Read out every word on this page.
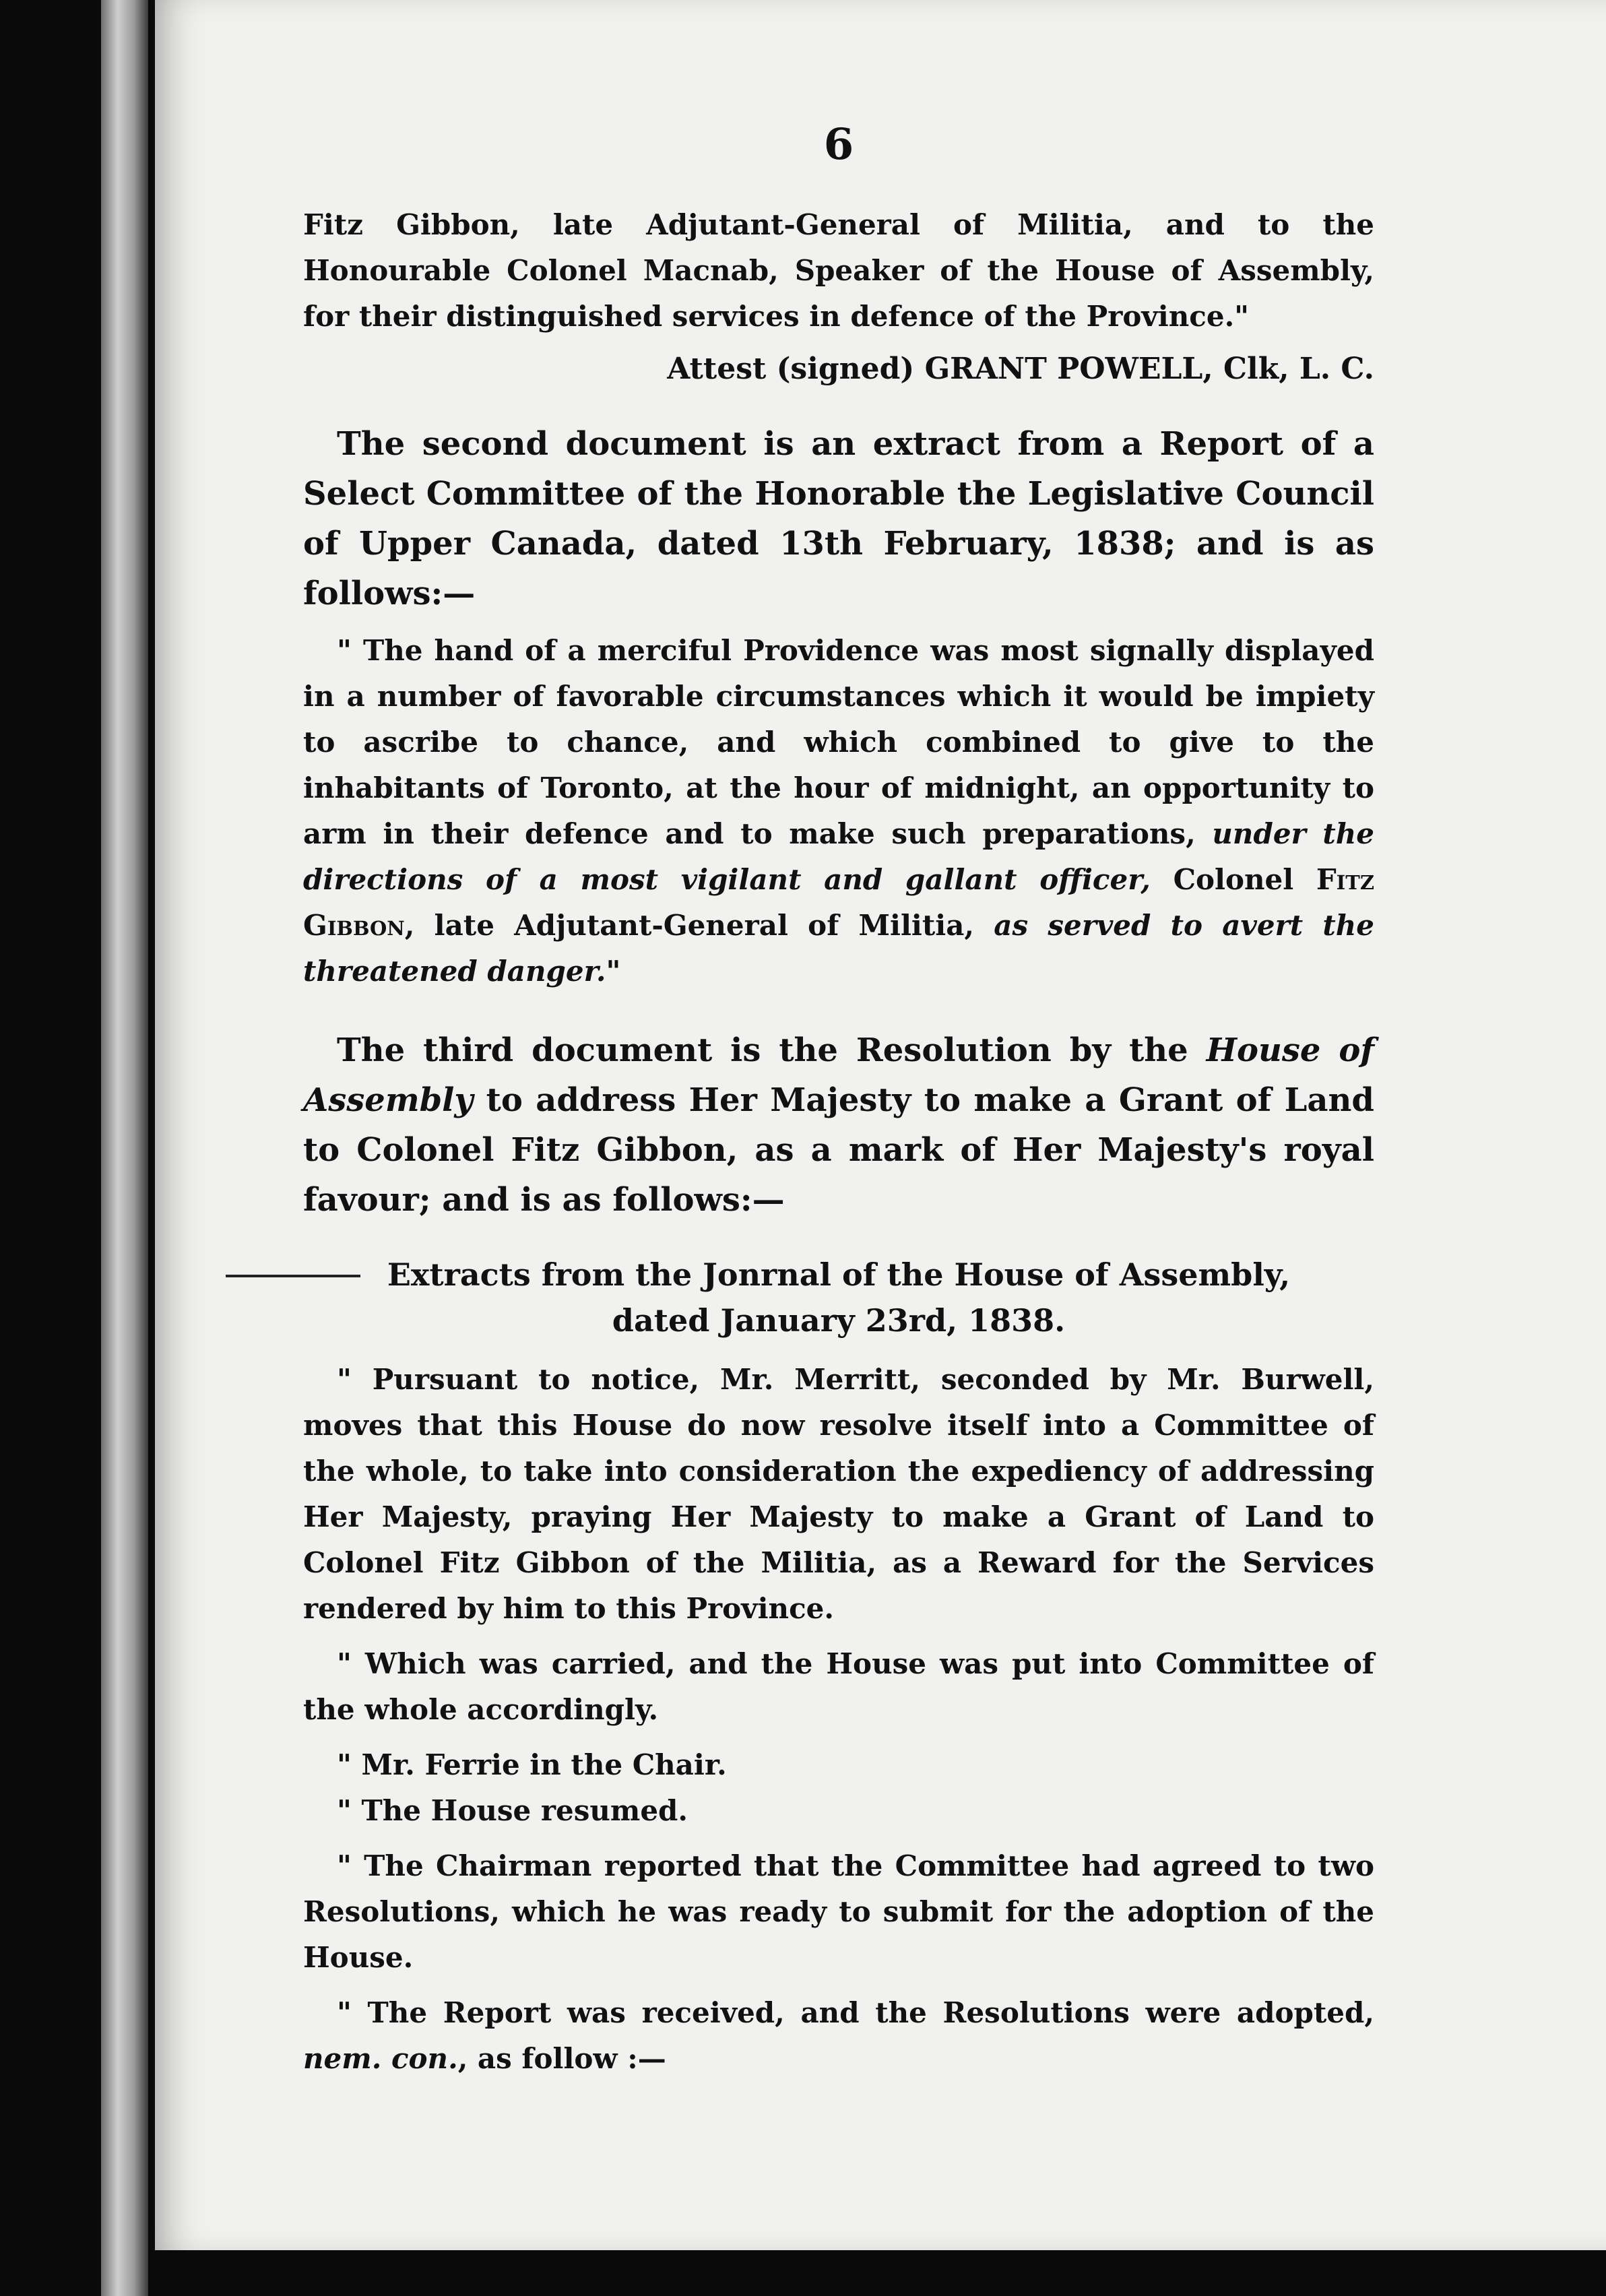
6

Fitz Gibbon, late Adjutant-General of Militia, and to the Honourable Colonel Macnab, Speaker of the House of Assembly, for their distinguished services in defence of the Province."

Attest (signed) GRANT POWELL, Clk, L. C.

The second document is an extract from a Report of a Select Committee of the Honorable the Legislative Council of Upper Canada, dated 13th February, 1838; and is as follows:—

" The hand of a merciful Providence was most signally displayed in a number of favorable circumstances which it would be impiety to ascribe to chance, and which combined to give to the inhabitants of Toronto, at the hour of midnight, an opportunity to arm in their defence and to make such preparations, under the directions of a most vigilant and gallant officer, Colonel Fitz Gibbon, late Adjutant-General of Militia, as served to avert the threatened danger."

The third document is the Resolution by the House of Assembly to address Her Majesty to make a Grant of Land to Colonel Fitz Gibbon, as a mark of Her Majesty's royal favour; and is as follows:—

Extracts from the Jonrnal of the House of Assembly,
dated January 23rd, 1838.

" Pursuant to notice, Mr. Merritt, seconded by Mr. Burwell, moves that this House do now resolve itself into a Committee of the whole, to take into consideration the expediency of addressing Her Majesty, praying Her Majesty to make a Grant of Land to Colonel Fitz Gibbon of the Militia, as a Reward for the Services rendered by him to this Province.

" Which was carried, and the House was put into Committee of the whole accordingly.

" Mr. Ferrie in the Chair.

" The House resumed.

" The Chairman reported that the Committee had agreed to two Resolutions, which he was ready to submit for the adoption of the House.

" The Report was received, and the Resolutions were adopted, nem. con., as follow :—
